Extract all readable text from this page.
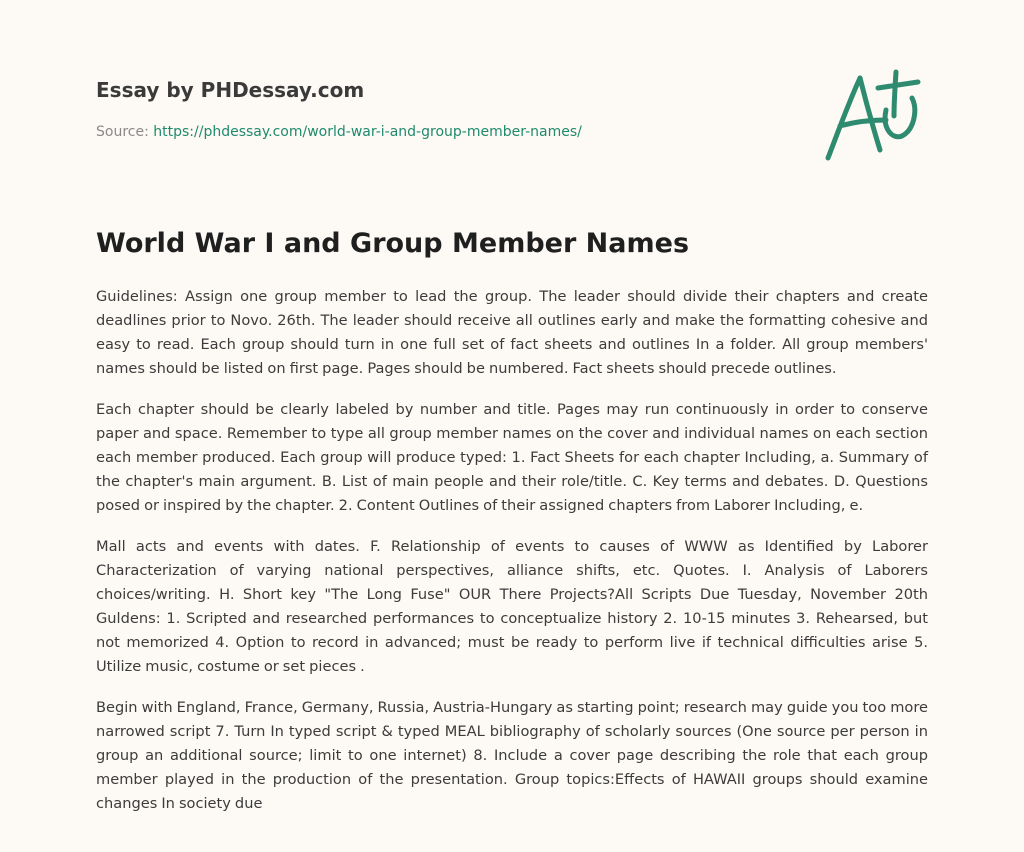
Essay by PHDessay.com
Source: https://phdessay.com/world-war-i-and-group-member-names/
World War I and Group Member Names

Guidelines: Assign one group member to lead the group. The leader should divide their chapters and create deadlines prior to Novo. 26th. The leader should receive all outlines early and make the formatting cohesive and easy to read. Each group should turn in one full set of fact sheets and outlines In a folder. All group members' names should be listed on first page. Pages should be numbered. Fact sheets should precede outlines.

Each chapter should be clearly labeled by number and title. Pages may run continuously in order to conserve paper and space. Remember to type all group member names on the cover and individual names on each section each member produced. Each group will produce typed: 1. Fact Sheets for each chapter Including, a. Summary of the chapter's main argument. B. List of main people and their role/title. C. Key terms and debates. D. Questions posed or inspired by the chapter. 2. Content Outlines of their assigned chapters from Laborer Including, e.

Mall acts and events with dates. F. Relationship of events to causes of WWW as Identified by Laborer Characterization of varying national perspectives, alliance shifts, etc. Quotes. I. Analysis of Laborers choices/writing. H. Short key "The Long Fuse" OUR There Projects?All Scripts Due Tuesday, November 20th Guldens: 1. Scripted and researched performances to conceptualize history 2. 10-15 minutes 3. Rehearsed, but not memorized 4. Option to record in advanced; must be ready to perform live if technical difficulties arise 5. Utilize music, costume or set pieces .

Begin with England, France, Germany, Russia, Austria-Hungary as starting point; research may guide you too more narrowed script 7. Turn In typed script & typed MEAL bibliography of scholarly sources (One source per person in group an additional source; limit to one internet) 8. Include a cover page describing the role that each group member played in the production of the presentation. Group topics:Effects of HAWAII groups should examine changes In society due
